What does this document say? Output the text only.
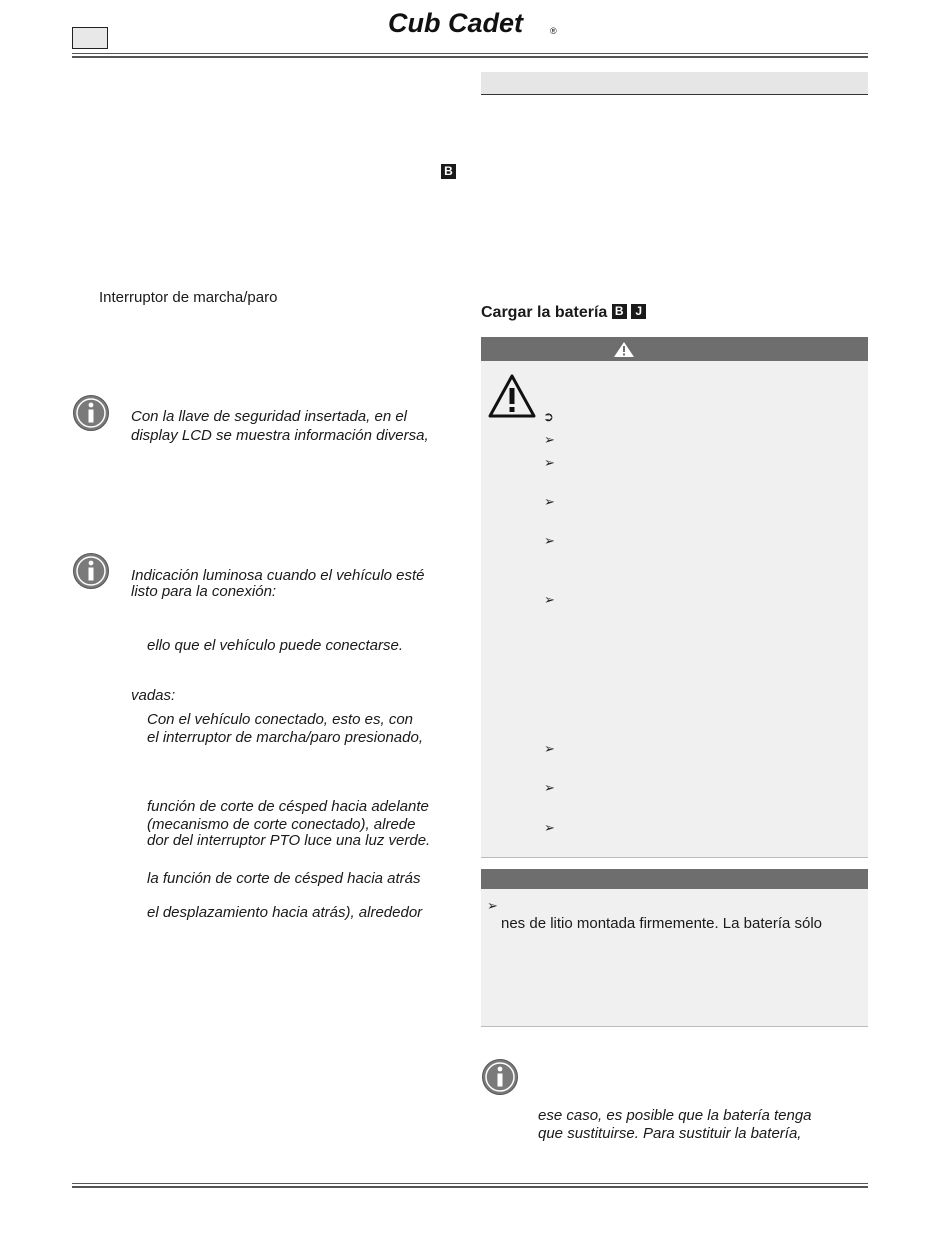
Cub Cadet	®
B
Interruptor de marcha/paro
Con la llave de seguridad insertada, en el
display LCD se muestra información diversa,
Indicación luminosa cuando el vehículo esté
listo para la conexión:
ello que el vehículo puede conectarse.
vadas:
Con el vehículo conectado, esto es, con
el interruptor de marcha/paro presionado,
función de corte de césped hacia adelante
(mecanismo de corte conectado), alrede
dor del interruptor PTO luce una luz verde.
la función de corte de césped hacia atrás
el desplazamiento hacia atrás), alrededor
Cargar la batería B J
➲
➢
➢
➢
➢
➢
➢
➢
➢
➢
nes de litio montada firmemente. La batería sólo
ese caso, es posible que la batería tenga
que sustituirse. Para sustituir la batería,
